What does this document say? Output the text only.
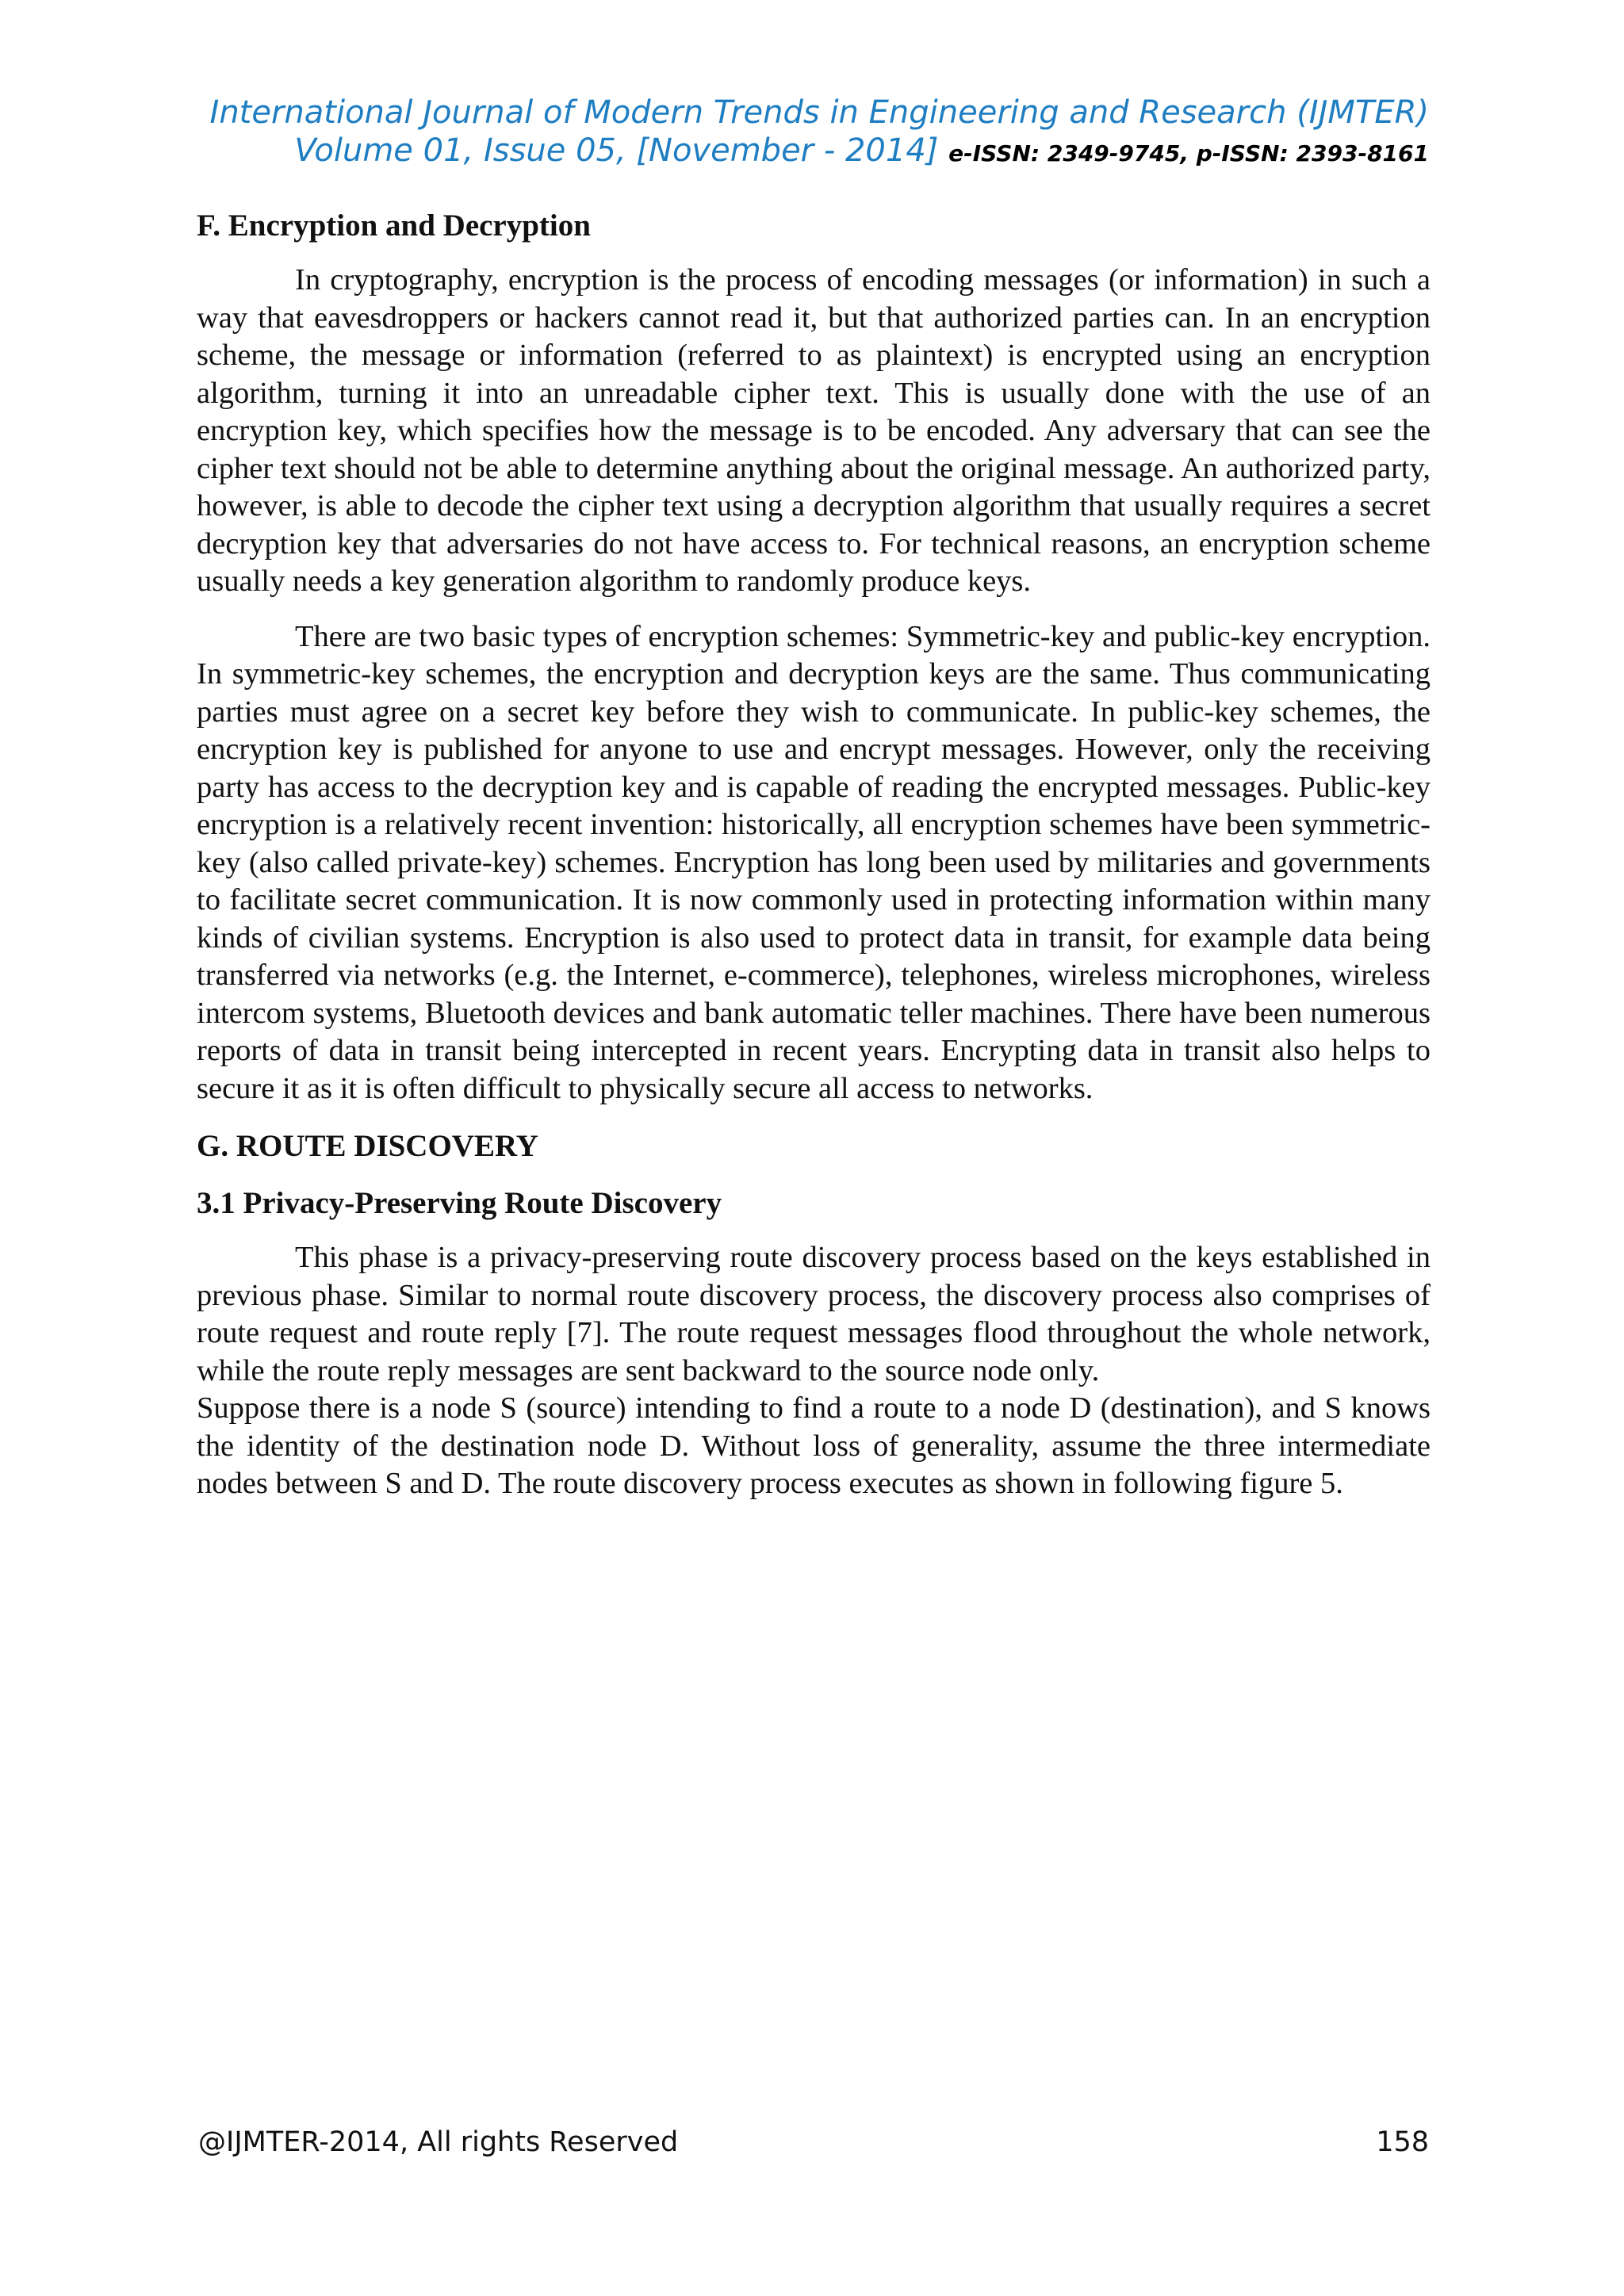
International Journal of Modern Trends in Engineering and Research (IJMTER)
Volume 01, Issue 05, [November - 2014] e-ISSN: 2349-9745, p-ISSN: 2393-8161

F. Encryption and Decryption

In cryptography, encryption is the process of encoding messages (or information) in such a way that eavesdroppers or hackers cannot read it, but that authorized parties can. In an encryption scheme, the message or information (referred to as plaintext) is encrypted using an encryption algorithm, turning it into an unreadable cipher text. This is usually done with the use of an encryption key, which specifies how the message is to be encoded. Any adversary that can see the cipher text should not be able to determine anything about the original message. An authorized party, however, is able to decode the cipher text using a decryption algorithm that usually requires a secret decryption key that adversaries do not have access to. For technical reasons, an encryption scheme usually needs a key generation algorithm to randomly produce keys.

There are two basic types of encryption schemes: Symmetric-key and public-key encryption. In symmetric-key schemes, the encryption and decryption keys are the same. Thus communicating parties must agree on a secret key before they wish to communicate. In public-key schemes, the encryption key is published for anyone to use and encrypt messages. However, only the receiving party has access to the decryption key and is capable of reading the encrypted messages. Public-key encryption is a relatively recent invention: historically, all encryption schemes have been symmetric-key (also called private-key) schemes. Encryption has long been used by militaries and governments to facilitate secret communication. It is now commonly used in protecting information within many kinds of civilian systems. Encryption is also used to protect data in transit, for example data being transferred via networks (e.g. the Internet, e-commerce), telephones, wireless microphones, wireless intercom systems, Bluetooth devices and bank automatic teller machines. There have been numerous reports of data in transit being intercepted in recent years. Encrypting data in transit also helps to secure it as it is often difficult to physically secure all access to networks.

G. ROUTE DISCOVERY

3.1 Privacy-Preserving Route Discovery

This phase is a privacy-preserving route discovery process based on the keys established in previous phase. Similar to normal route discovery process, the discovery process also comprises of route request and route reply [7]. The route request messages flood throughout the whole network, while the route reply messages are sent backward to the source node only.

Suppose there is a node S (source) intending to find a route to a node D (destination), and S knows the identity of the destination node D. Without loss of generality, assume the three intermediate nodes between S and D. The route discovery process executes as shown in following figure 5.

@IJMTER-2014, All rights Reserved	158
